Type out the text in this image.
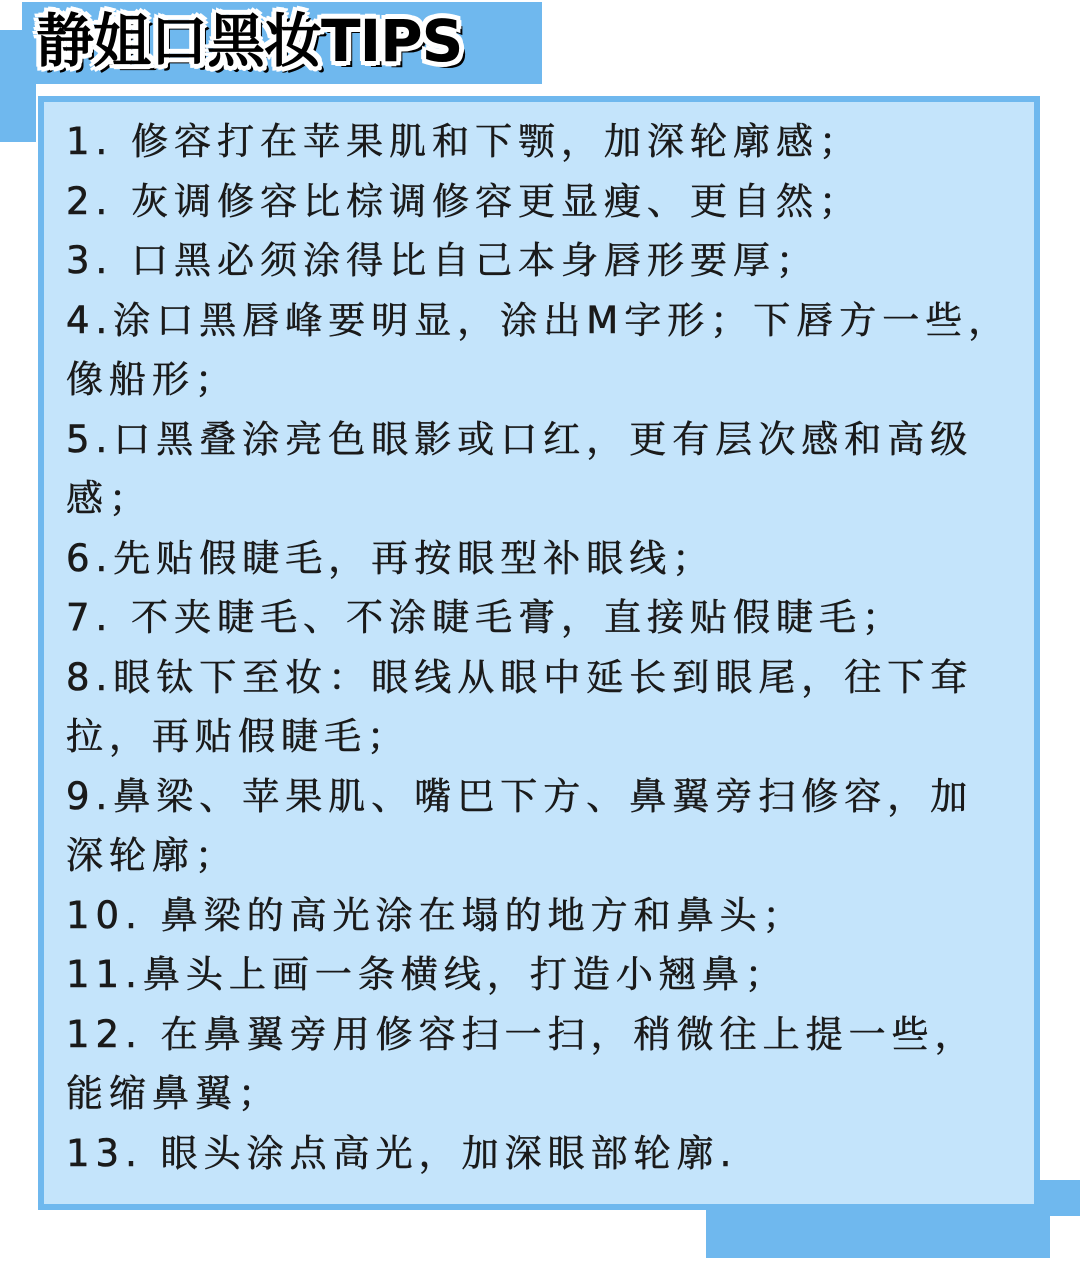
静姐口黑妆TIPS
1. 修容打在苹果肌和下颚，加深轮廓感；
2. 灰调修容比棕调修容更显瘦、更自然；
3. 口黑必须涂得比自己本身唇形要厚；
4.涂口黑唇峰要明显，涂出M字形；下唇方一些，像船形；
5.口黑叠涂亮色眼影或口红，更有层次感和高级感；
6.先贴假睫毛，再按眼型补眼线；
7. 不夹睫毛、不涂睫毛膏，直接贴假睫毛；
8.眼钛下至妆：眼线从眼中延长到眼尾，往下耷拉，再贴假睫毛；
9.鼻梁、苹果肌、嘴巴下方、鼻翼旁扫修容，加深轮廓；
10. 鼻梁的高光涂在塌的地方和鼻头；
11.鼻头上画一条横线，打造小翘鼻；
12. 在鼻翼旁用修容扫一扫，稍微往上提一些，能缩鼻翼；
13. 眼头涂点高光，加深眼部轮廓.
